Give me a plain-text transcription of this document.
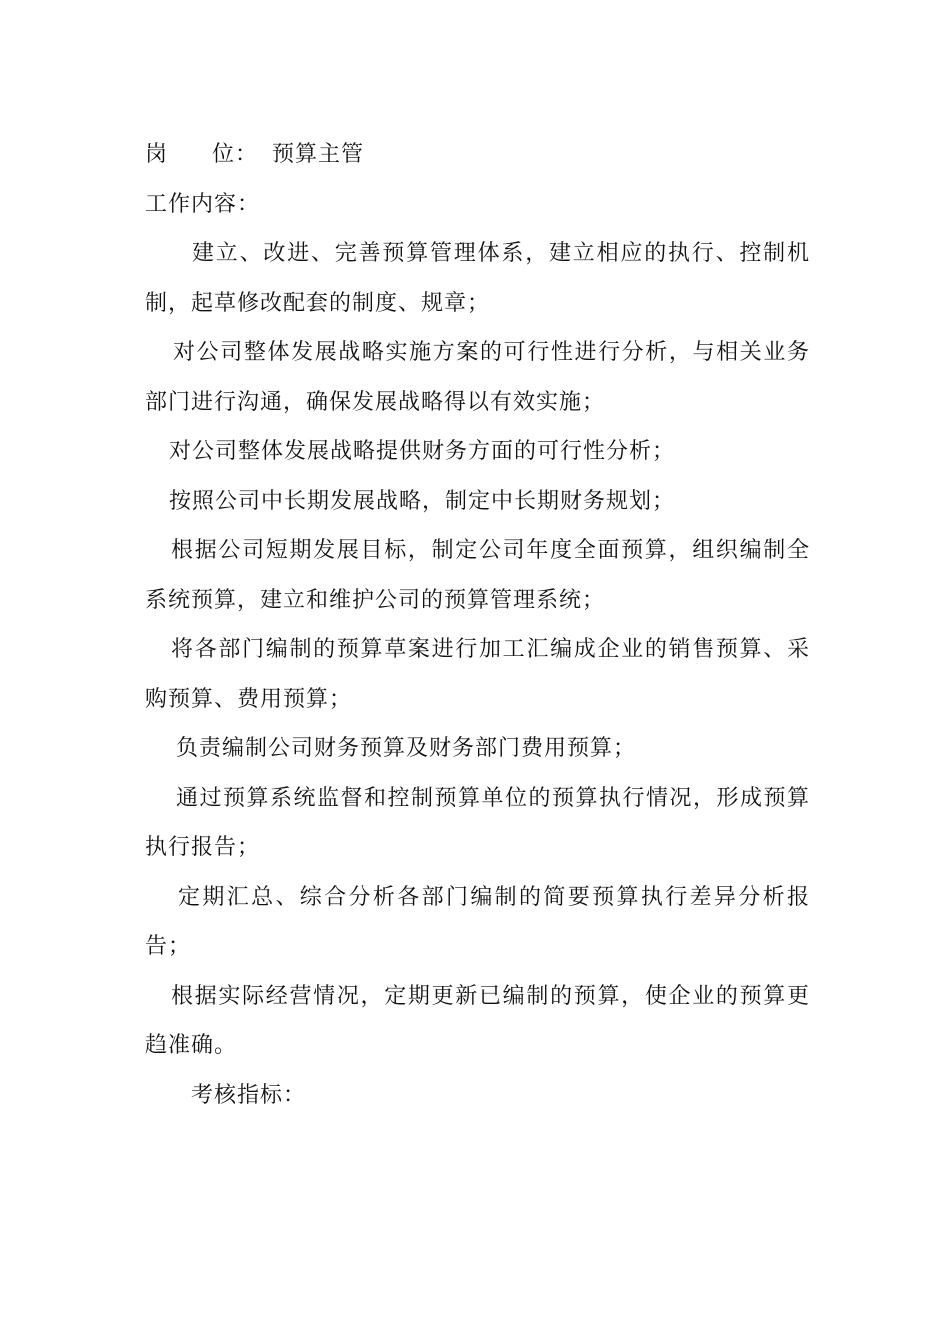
岗 位： 预算主管
工作内容：

建立、改进、完善预算管理体系，建立相应的执行、控制机制，起草修改配套的制度、规章；

对公司整体发展战略实施方案的可行性进行分析，与相关业务部门进行沟通，确保发展战略得以有效实施；

对公司整体发展战略提供财务方面的可行性分析；

按照公司中长期发展战略，制定中长期财务规划；

根据公司短期发展目标，制定公司年度全面预算，组织编制全系统预算，建立和维护公司的预算管理系统；

将各部门编制的预算草案进行加工汇编成企业的销售预算、采购预算、费用预算；

负责编制公司财务预算及财务部门费用预算；

通过预算系统监督和控制预算单位的预算执行情况，形成预算执行报告；

定期汇总、综合分析各部门编制的简要预算执行差异分析报告；

根据实际经营情况，定期更新已编制的预算，使企业的预算更趋准确。

考核指标：
